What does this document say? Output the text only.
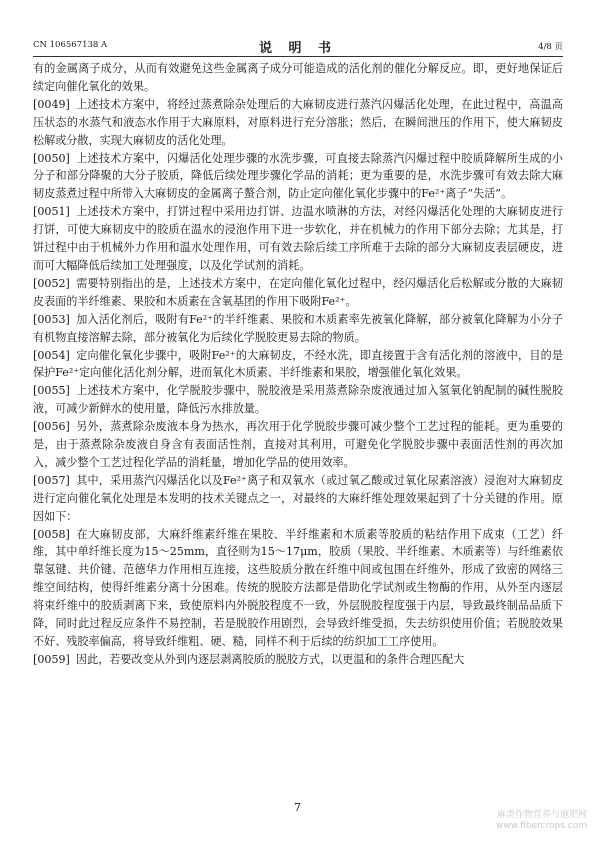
CN 106567138 A	说 明 书	4/8 页

有的金属离子成分，从而有效避免这些金属离子成分可能造成的活化剂的催化分解反应。即，更好地保证后续定向催化氧化的效果。

[0049] 上述技术方案中，将经过蒸煮除杂处理后的大麻韧皮进行蒸汽闪爆活化处理，在此过程中，高温高压状态的水蒸气和液态水作用于大麻原料，对原料进行充分溶胀；然后，在瞬间泄压的作用下，使大麻韧皮松解或分散，实现大麻韧皮的活化处理。

[0050] 上述技术方案中，闪爆活化处理步骤的水洗步骤，可直接去除蒸汽闪爆过程中胶质降解所生成的小分子和部分降聚的大分子胶质，降低后续处理步骤化学品的消耗；更为重要的是，水洗步骤可有效去除大麻韧皮蒸煮过程中所带入大麻韧皮的金属离子螯合剂，防止定向催化氧化步骤中的Fe²⁺离子“失活”。

[0051] 上述技术方案中，打饼过程中采用边打饼、边温水喷淋的方法，对经闪爆活化处理的大麻韧皮进行打饼，可使大麻韧皮中的胶质在温水的浸泡作用下进一步软化，并在机械力的作用下部分去除；尤其是，打饼过程中由于机械外力作用和温水处理作用，可有效去除后续工序所难于去除的部分大麻韧皮表层硬皮，进而可大幅降低后续加工处理强度，以及化学试剂的消耗。

[0052] 需要特别指出的是，上述技术方案中，在定向催化氧化过程中，经闪爆活化后松解或分散的大麻韧皮表面的半纤维素、果胶和木质素在含氧基团的作用下吸附Fe²⁺。

[0053] 加入活化剂后，吸附有Fe²⁺的半纤维素、果胶和木质素率先被氧化降解，部分被氧化降解为小分子有机物直接溶解去除，部分被氧化为后续化学脱胶更易去除的物质。

[0054] 定向催化氧化步骤中，吸附Fe²⁺的大麻韧皮，不经水洗，即直接置于含有活化剂的溶液中，目的是保护Fe²⁺定向催化活化剂分解，进而氧化木质素、半纤维素和果胶，增强催化氧化效果。

[0055] 上述技术方案中，化学脱胶步骤中，脱胶液是采用蒸煮除杂废液通过加入氢氧化钠配制的碱性脱胶液，可减少新鲜水的使用量，降低污水排放量。

[0056] 另外，蒸煮除杂废液本身为热水，再次用于化学脱胶步骤可减少整个工艺过程的能耗。更为重要的是，由于蒸煮除杂废液自身含有表面活性剂，直接对其利用，可避免化学脱胶步骤中表面活性剂的再次加入，减少整个工艺过程化学品的消耗量，增加化学品的使用效率。

[0057] 其中，采用蒸汽闪爆活化以及Fe²⁺离子和双氧水（或过氧乙酸或过氧化尿素溶液）浸泡对大麻韧皮进行定向催化氧化处理是本发明的技术关键点之一，对最终的大麻纤维处理效果起到了十分关键的作用。原因如下：

[0058] 在大麻韧皮部，大麻纤维素纤维在果胶、半纤维素和木质素等胶质的粘结作用下成束（工艺）纤维，其中单纤维长度为15～25mm，直径则为15～17μm，胶质（果胶、半纤维素、木质素等）与纤维素依靠氢键、共价键、范德华力作用相互连接，这些胶质分散在纤维中间或包围在纤维外，形成了致密的网络三维空间结构，使得纤维素分离十分困难。传统的脱胶方法都是借助化学试剂或生物酶的作用，从外至内逐层将束纤维中的胶质剥离下来，致使原料内外脱胶程度不一致，外层脱胶程度强于内层，导致最终制品品质下降，同时此过程反应条件不易控制，若是脱胶作用剧烈，会导致纤维受损，失去纺织使用价值；若脱胶效果不好、残胶率偏高，将导致纤维粗、硬、糙，同样不利于后续的纺织加工工序使用。

[0059] 因此，若要改变从外到内逐层剥离胶质的脱胶方式，以更温和的条件合理匹配大

7
麻类作物营养与施肥网
www.fibercrops.com
